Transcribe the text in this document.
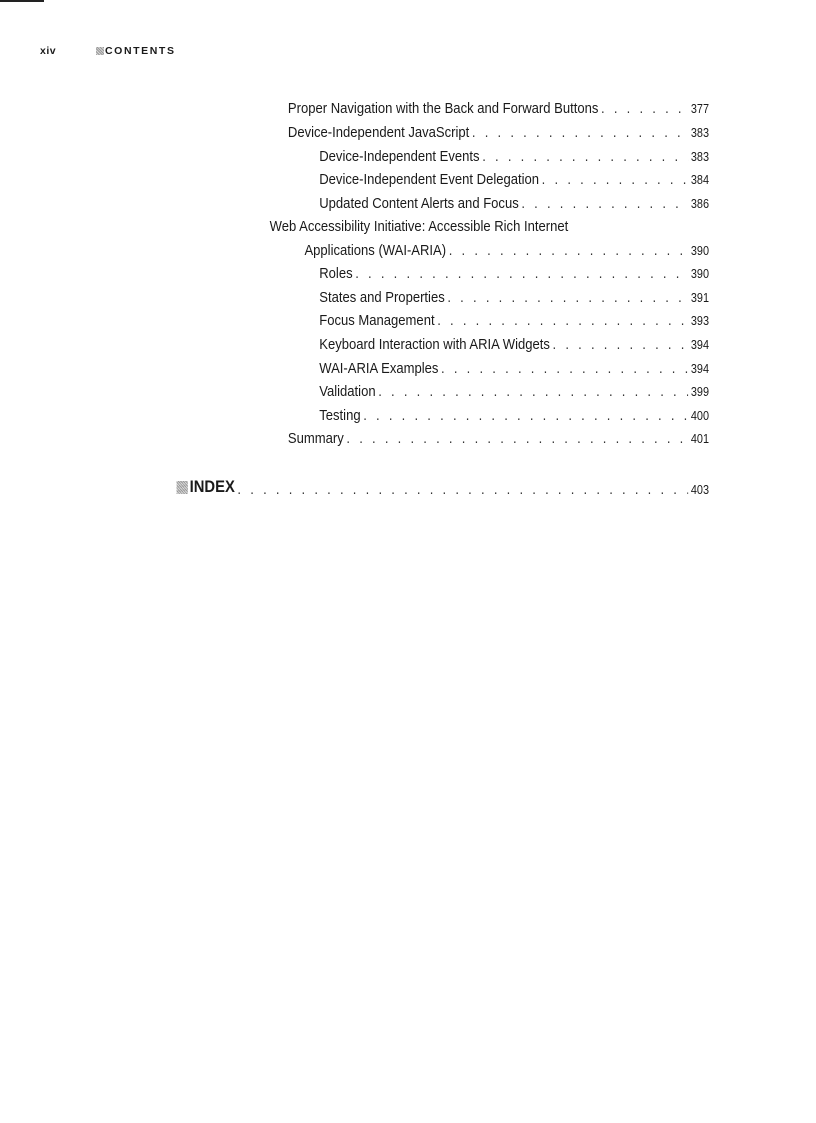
xiv	CONTENTS
Proper Navigation with the Back and Forward Buttons . . .	377
Device-Independent JavaScript . . .	383
Device-Independent Events . . .	383
Device-Independent Event Delegation . . .	384
Updated Content Alerts and Focus . . .	386
Web Accessibility Initiative: Accessible Rich Internet
Applications (WAI-ARIA) . . .	390
Roles . . .	390
States and Properties . . .	391
Focus Management . . .	393
Keyboard Interaction with ARIA Widgets . . .	394
WAI-ARIA Examples . . .	394
Validation . . .	399
Testing . . .	400
Summary . . .	401
INDEX . . .	403
